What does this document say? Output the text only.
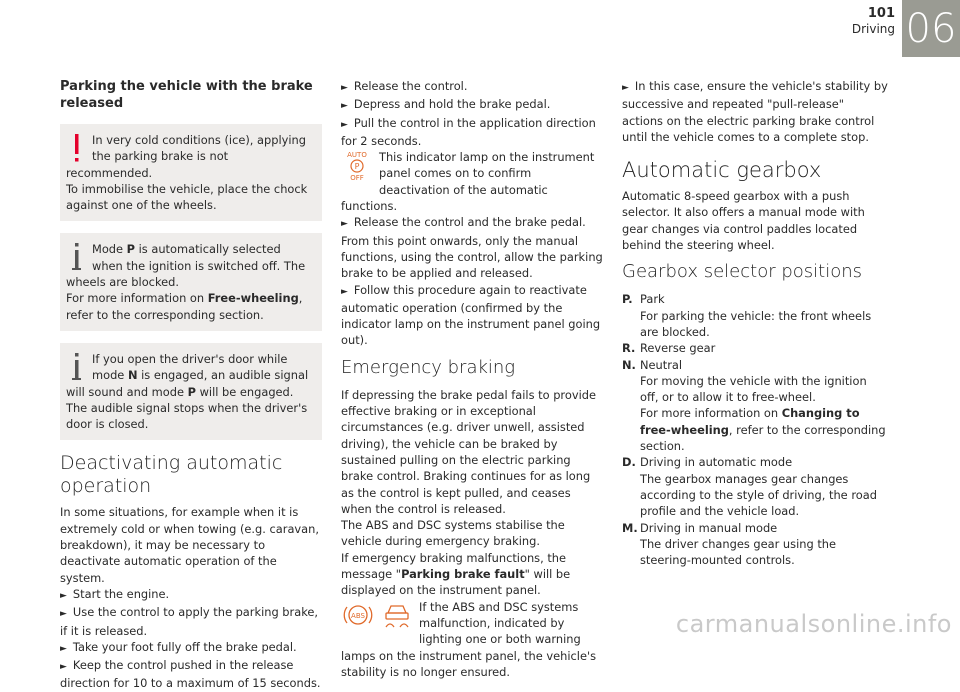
101
Driving 06
Parking the vehicle with the brake released

In very cold conditions (ice), applying the parking brake is not recommended.

To immobilise the vehicle, place the chock against one of the wheels.

Mode P is automatically selected when the ignition is switched off. The wheels are blocked.

For more information on Free-wheeling, refer to the corresponding section.

If you open the driver's door while mode N is engaged, an audible signal will sound and mode P will be engaged. The audible signal stops when the driver's door is closed.

Deactivating automatic operation

In some situations, for example when it is extremely cold or when towing (e.g. caravan, breakdown), it may be necessary to deactivate automatic operation of the system.

► Start the engine.

► Use the control to apply the parking brake, if it is released.

► Take your foot fully off the brake pedal.

► Keep the control pushed in the release direction for 10 to a maximum of 15 seconds.

► Release the control.

► Depress and hold the brake pedal.

► Pull the control in the application direction for 2 seconds.

AUTO
P
OFF
This indicator lamp on the instrument panel comes on to confirm deactivation of the automatic functions.

► Release the control and the brake pedal.

From this point onwards, only the manual functions, using the control, allow the parking brake to be applied and released.

► Follow this procedure again to reactivate automatic operation (confirmed by the indicator lamp on the instrument panel going out).

Emergency braking

If depressing the brake pedal fails to provide effective braking or in exceptional circumstances (e.g. driver unwell, assisted driving), the vehicle can be braked by sustained pulling on the electric parking brake control. Braking continues for as long as the control is kept pulled, and ceases when the control is released.

The ABS and DSC systems stabilise the vehicle during emergency braking.

If emergency braking malfunctions, the message "Parking brake fault" will be displayed on the instrument panel.

ABS
If the ABS and DSC systems malfunction, indicated by lighting one or both warning lamps on the instrument panel, the vehicle's stability is no longer ensured.

► In this case, ensure the vehicle's stability by successive and repeated "pull-release" actions on the electric parking brake control until the vehicle comes to a complete stop.

Automatic gearbox

Automatic 8-speed gearbox with a push selector. It also offers a manual mode with gear changes via control paddles located behind the steering wheel.

Gearbox selector positions
P. Park
For parking the vehicle: the front wheels are blocked.
R. Reverse gear
N. Neutral
For moving the vehicle with the ignition off, or to allow it to free-wheel.
For more information on Changing to free-wheeling, refer to the corresponding section.
D. Driving in automatic mode
The gearbox manages gear changes according to the style of driving, the road profile and the vehicle load.
M. Driving in manual mode
The driver changes gear using the steering-mounted controls.
carmanualsonline.info
